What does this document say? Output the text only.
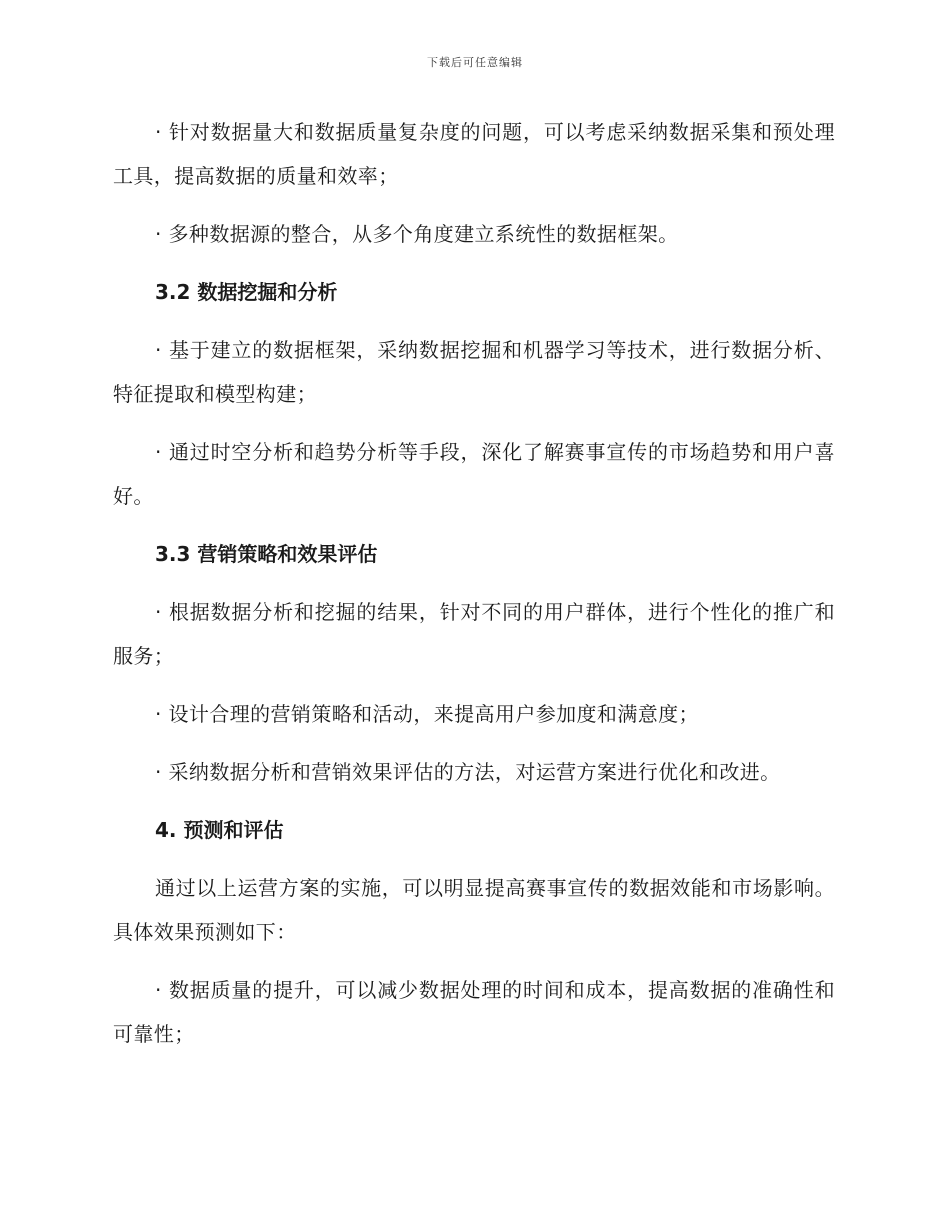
下载后可任意编辑

· 针对数据量大和数据质量复杂度的问题，可以考虑采纳数据采集和预处理工具，提高数据的质量和效率；

· 多种数据源的整合，从多个角度建立系统性的数据框架。

3.2 数据挖掘和分析

· 基于建立的数据框架，采纳数据挖掘和机器学习等技术，进行数据分析、特征提取和模型构建；

· 通过时空分析和趋势分析等手段，深化了解赛事宣传的市场趋势和用户喜好。

3.3 营销策略和效果评估

· 根据数据分析和挖掘的结果，针对不同的用户群体，进行个性化的推广和服务；

· 设计合理的营销策略和活动，来提高用户参加度和满意度；

· 采纳数据分析和营销效果评估的方法，对运营方案进行优化和改进。

4. 预测和评估

通过以上运营方案的实施，可以明显提高赛事宣传的数据效能和市场影响。具体效果预测如下：

· 数据质量的提升，可以减少数据处理的时间和成本，提高数据的准确性和可靠性；
